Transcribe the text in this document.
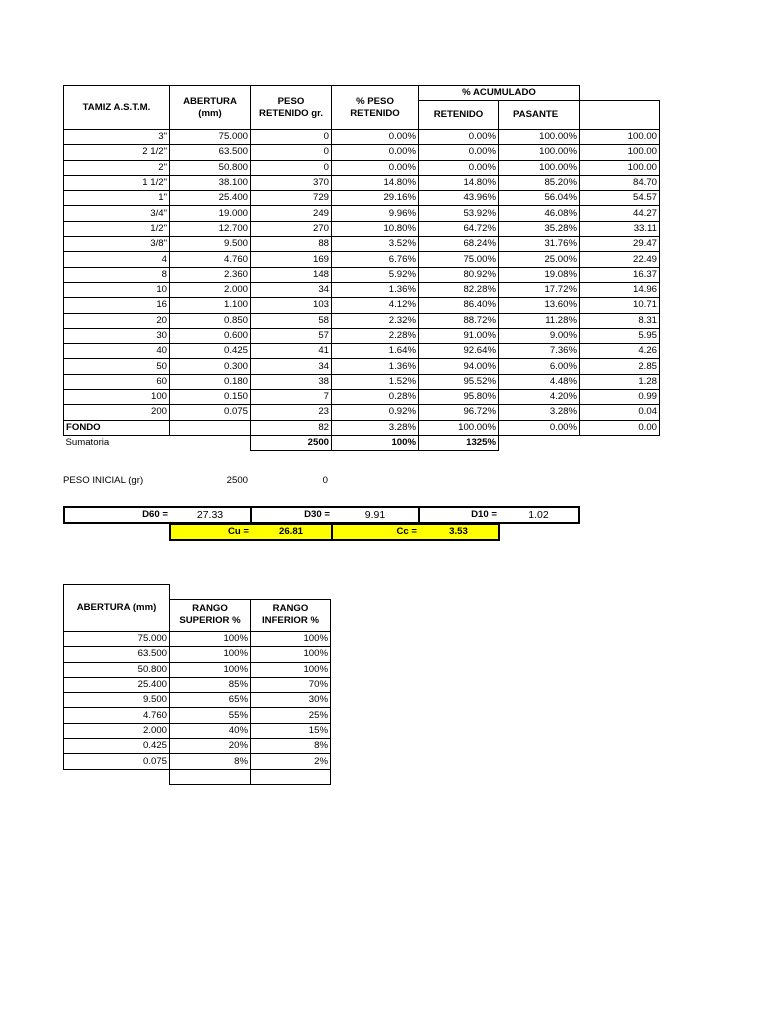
TAMIZ A.S.T.M.	ABERTURA (mm)	PESO RETENIDO gr.	% PESO RETENIDO	% ACUMULADO		
				RETENIDO	PASANTE	
3"	75.000	0	0.00%	0.00%	100.00%	100.00
2 1/2"	63.500	0	0.00%	0.00%	100.00%	100.00
2"	50.800	0	0.00%	0.00%	100.00%	100.00
1 1/2"	38.100	370	14.80%	14.80%	85.20%	84.70
1"	25.400	729	29.16%	43.96%	56.04%	54.57
3/4"	19.000	249	9.96%	53.92%	46.08%	44.27
1/2"	12.700	270	10.80%	64.72%	35.28%	33.11
3/8"	9.500	88	3.52%	68.24%	31.76%	29.47
4	4.760	169	6.76%	75.00%	25.00%	22.49
8	2.360	148	5.92%	80.92%	19.08%	16.37
10	2.000	34	1.36%	82.28%	17.72%	14.96
16	1.100	103	4.12%	86.40%	13.60%	10.71
20	0.850	58	2.32%	88.72%	11.28%	8.31
30	0.600	57	2.28%	91.00%	9.00%	5.95
40	0.425	41	1.64%	92.64%	7.36%	4.26
50	0.300	34	1.36%	94.00%	6.00%	2.85
60	0.180	38	1.52%	95.52%	4.48%	1.28
100	0.150	7	0.28%	95.80%	4.20%	0.99
200	0.075	23	0.92%	96.72%	3.28%	0.04
FONDO		82	3.28%	100.00%	0.00%	0.00
Sumatoria		2500	100%	1325%		
PESO INICIAL (gr)	2500	0
D60 =	27.33	D30 =	9.91	D10 =	1.02
Cu =	26.81	Cc =	3.53
ABERTURA (mm)		
	RANGO SUPERIOR %	RANGO INFERIOR %
75.000	100%	100%
63.500	100%	100%
50.800	100%	100%
25.400	85%	70%
9.500	65%	30%
4.760	55%	25%
2.000	40%	15%
0.425	20%	8%
0.075	8%	2%
